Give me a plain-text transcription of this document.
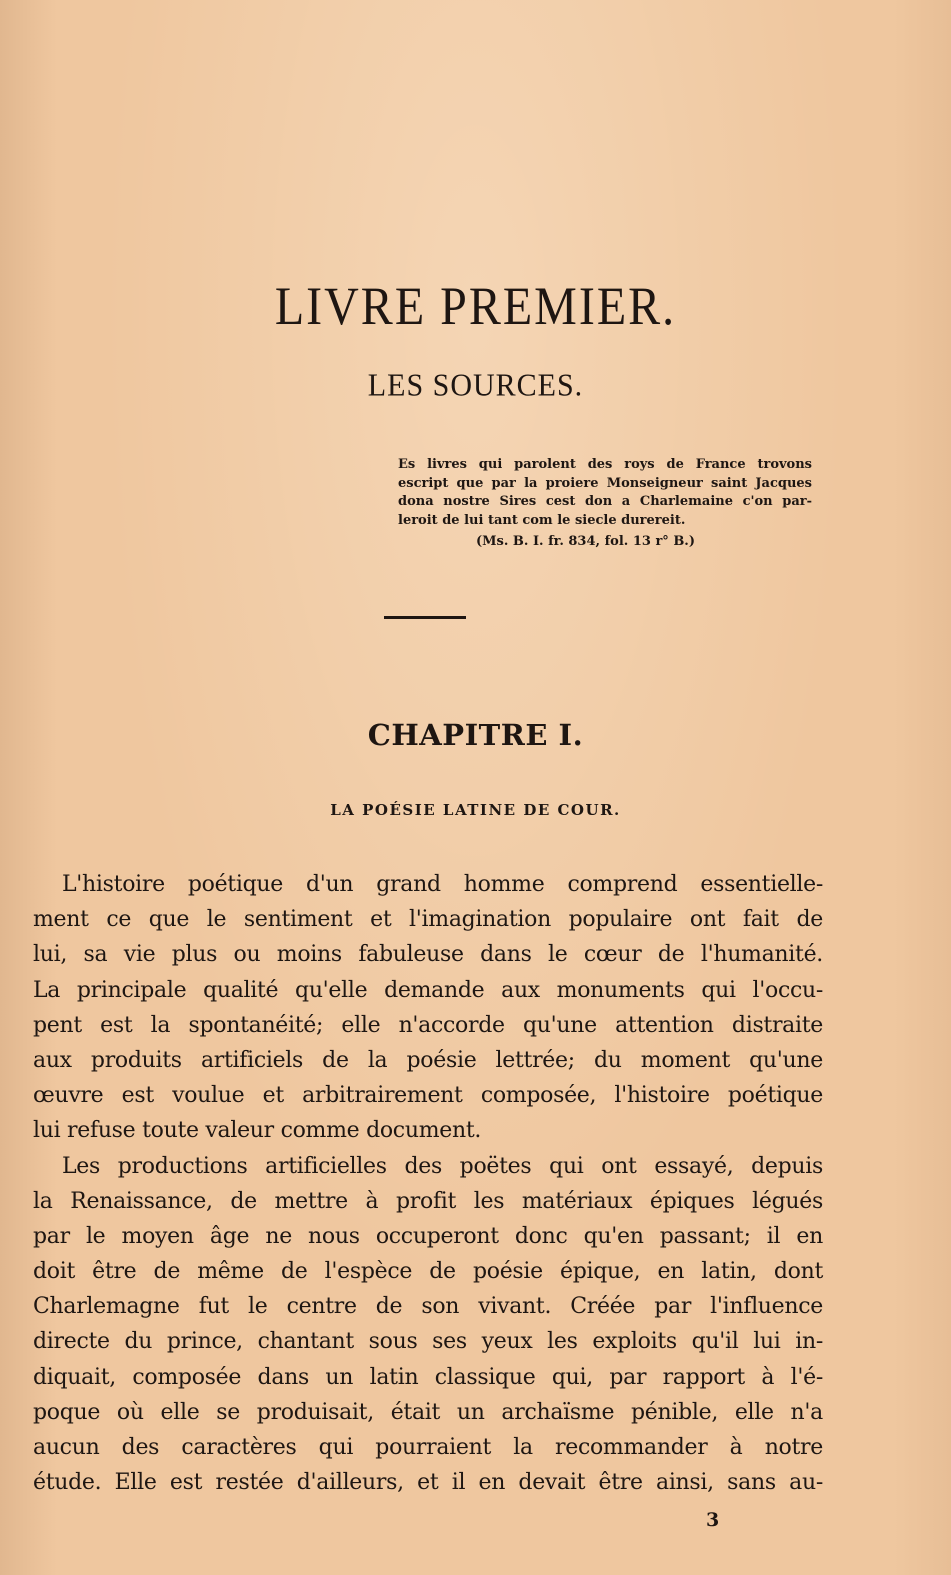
LIVRE PREMIER.
LES SOURCES.
Es livres qui parolent des roys de France trovons
escript que par la proiere Monseigneur saint Jacques
dona nostre Sires cest don a Charlemaine c'on par-
leroit de lui tant com le siecle durereit.
(Ms. B. I. fr. 834, fol. 13 r° B.)
CHAPITRE I.
LA POÉSIE LATINE DE COUR.
L'histoire poétique d'un grand homme comprend essentielle-
ment ce que le sentiment et l'imagination populaire ont fait de
lui, sa vie plus ou moins fabuleuse dans le cœur de l'humanité.
La principale qualité qu'elle demande aux monuments qui l'occu-
pent est la spontanéité; elle n'accorde qu'une attention distraite
aux produits artificiels de la poésie lettrée; du moment qu'une
œuvre est voulue et arbitrairement composée, l'histoire poétique
lui refuse toute valeur comme document.
Les productions artificielles des poëtes qui ont essayé, depuis
la Renaissance, de mettre à profit les matériaux épiques légués
par le moyen âge ne nous occuperont donc qu'en passant; il en
doit être de même de l'espèce de poésie épique, en latin, dont
Charlemagne fut le centre de son vivant. Créée par l'influence
directe du prince, chantant sous ses yeux les exploits qu'il lui in-
diquait, composée dans un latin classique qui, par rapport à l'é-
poque où elle se produisait, était un archaïsme pénible, elle n'a
aucun des caractères qui pourraient la recommander à notre
étude. Elle est restée d'ailleurs, et il en devait être ainsi, sans au-
3
